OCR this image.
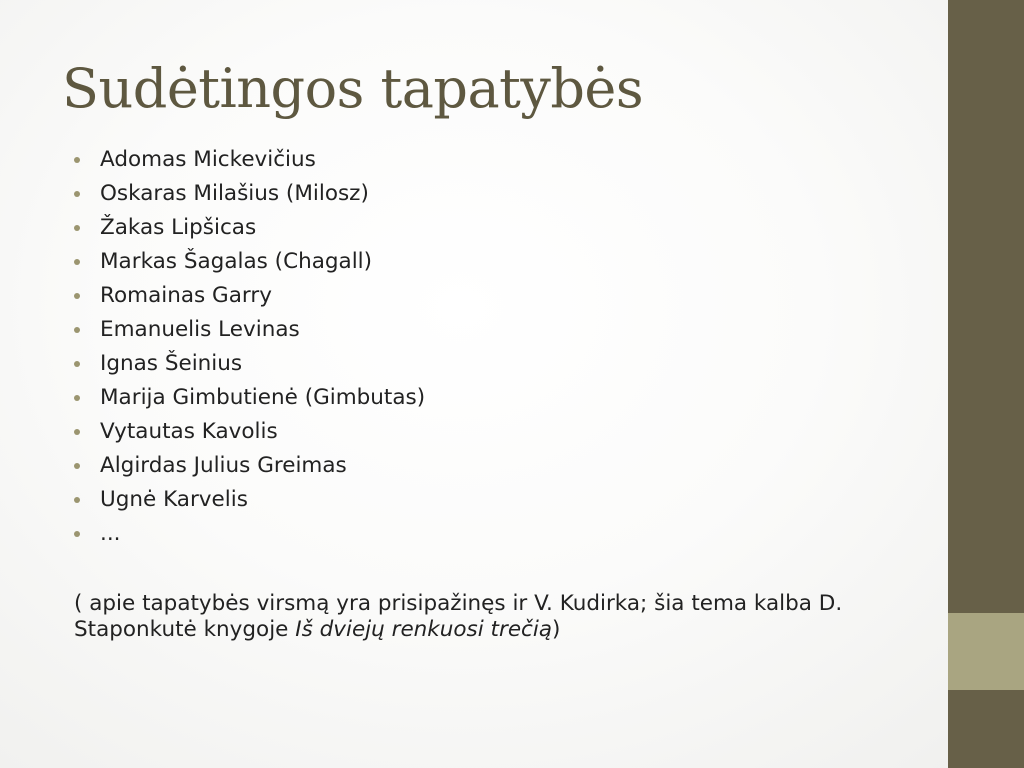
Sudėtingos tapatybės
Adomas Mickevičius
Oskaras Milašius (Milosz)
Žakas Lipšicas
Markas Šagalas (Chagall)
Romainas Garry
Emanuelis Levinas
Ignas Šeinius
Marija Gimbutienė (Gimbutas)
Vytautas Kavolis
Algirdas Julius Greimas
Ugnė Karvelis
...

( apie tapatybės virsmą yra prisipažinęs ir V. Kudirka; šia tema kalba D. Staponkutė knygoje Iš dviejų renkuosi trečią)
